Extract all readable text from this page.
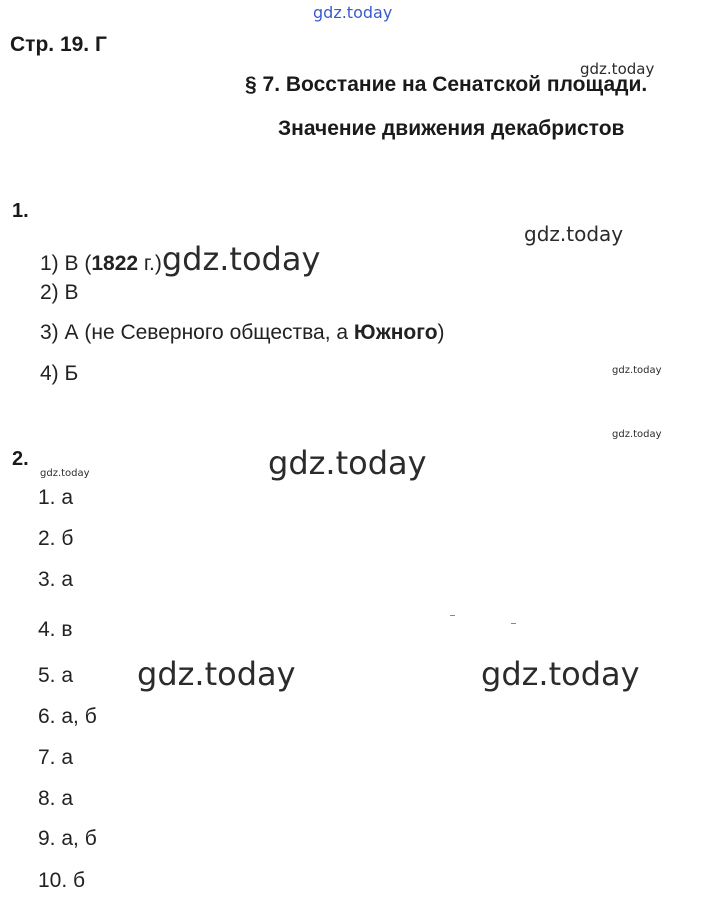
gdz.today
gdz.today
gdz.today
gdz.today
gdz.today
gdz.today	gdz.today
gdz.today	gdz.today
Стр. 19. Г
§ 7. Восстание на Сенатской площади.
Значение движения декабристов
1.
1) В (1822 г.)gdz.today
2) В
3) А (не Северного общества, а Южного)
4) Б
2.
1. а
2. б
3. а
4. в
5. а
6. а, б
7. а
8. а
9. а, б
10. б
